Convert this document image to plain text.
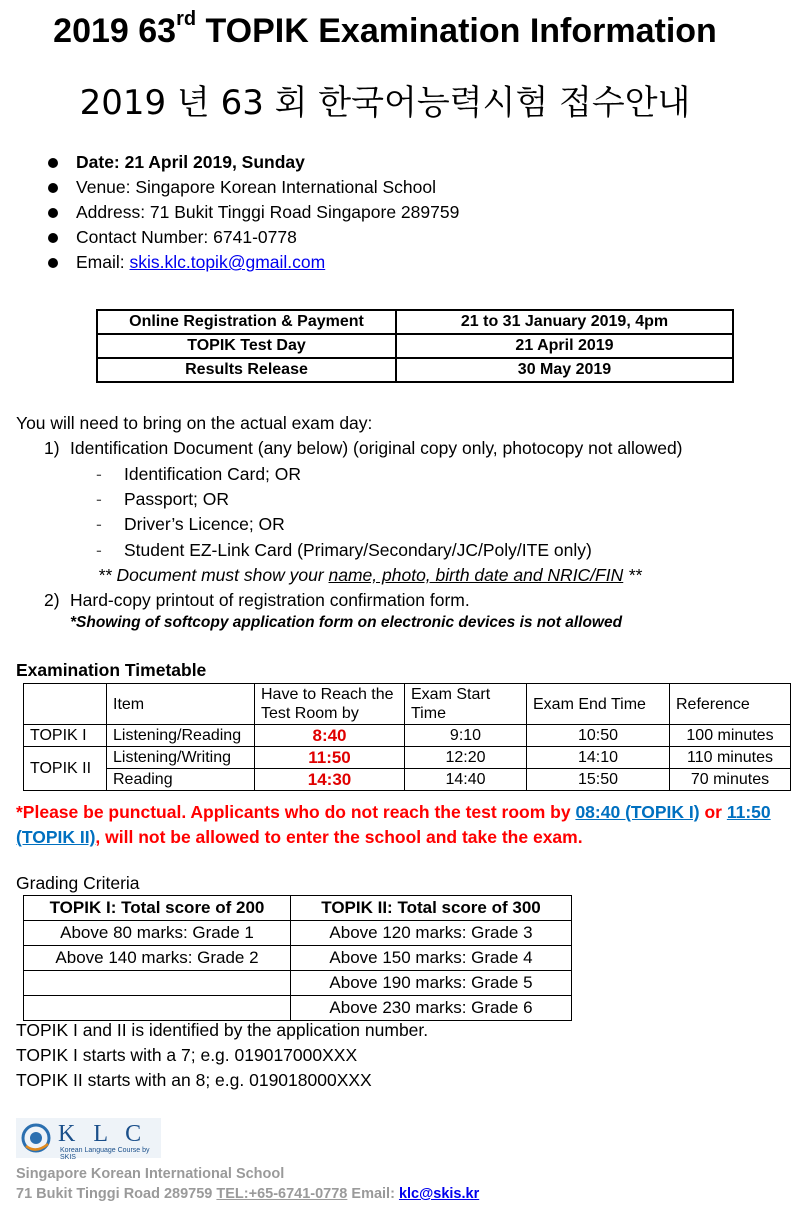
2019 63rd TOPIK Examination Information
2019 년 63 회 한국어능력시험 접수안내
Date: 21 April 2019, Sunday
Venue: Singapore Korean International School
Address: 71 Bukit Tinggi Road Singapore 289759
Contact Number: 6741-0778
Email: skis.klc.topik@gmail.com
Online Registration & Payment	21 to 31 January 2019, 4pm
TOPIK Test Day	21 April 2019
Results Release	30 May 2019
You will need to bring on the actual exam day:
1) Identification Document (any below) (original copy only, photocopy not allowed)
- Identification Card; OR
- Passport; OR
- Driver’s Licence; OR
- Student EZ-Link Card (Primary/Secondary/JC/Poly/ITE only)
** Document must show your name, photo, birth date and NRIC/FIN **
2) Hard-copy printout of registration confirmation form.
*Showing of softcopy application form on electronic devices is not allowed
Examination Timetable
	Item	Have to Reach the Test Room by	Exam Start Time	Exam End Time	Reference
TOPIK I	Listening/Reading	8:40	9:10	10:50	100 minutes
TOPIK II	Listening/Writing	11:50	12:20	14:10	110 minutes
	Reading	14:30	14:40	15:50	70 minutes
*Please be punctual. Applicants who do not reach the test room by 08:40 (TOPIK I) or 11:50 (TOPIK II), will not be allowed to enter the school and take the exam.
Grading Criteria
TOPIK I: Total score of 200	TOPIK II: Total score of 300
Above 80 marks: Grade 1	Above 120 marks: Grade 3
Above 140 marks: Grade 2	Above 150 marks: Grade 4
	Above 190 marks: Grade 5
	Above 230 marks: Grade 6
TOPIK I and II is identified by the application number.
TOPIK I starts with a 7; e.g. 019017000XXX
TOPIK II starts with an 8; e.g. 019018000XXX
K L C
Korean Language Course by SKIS
Singapore Korean International School
71 Bukit Tinggi Road 289759 TEL:+65-6741-0778 Email: klc@skis.kr
